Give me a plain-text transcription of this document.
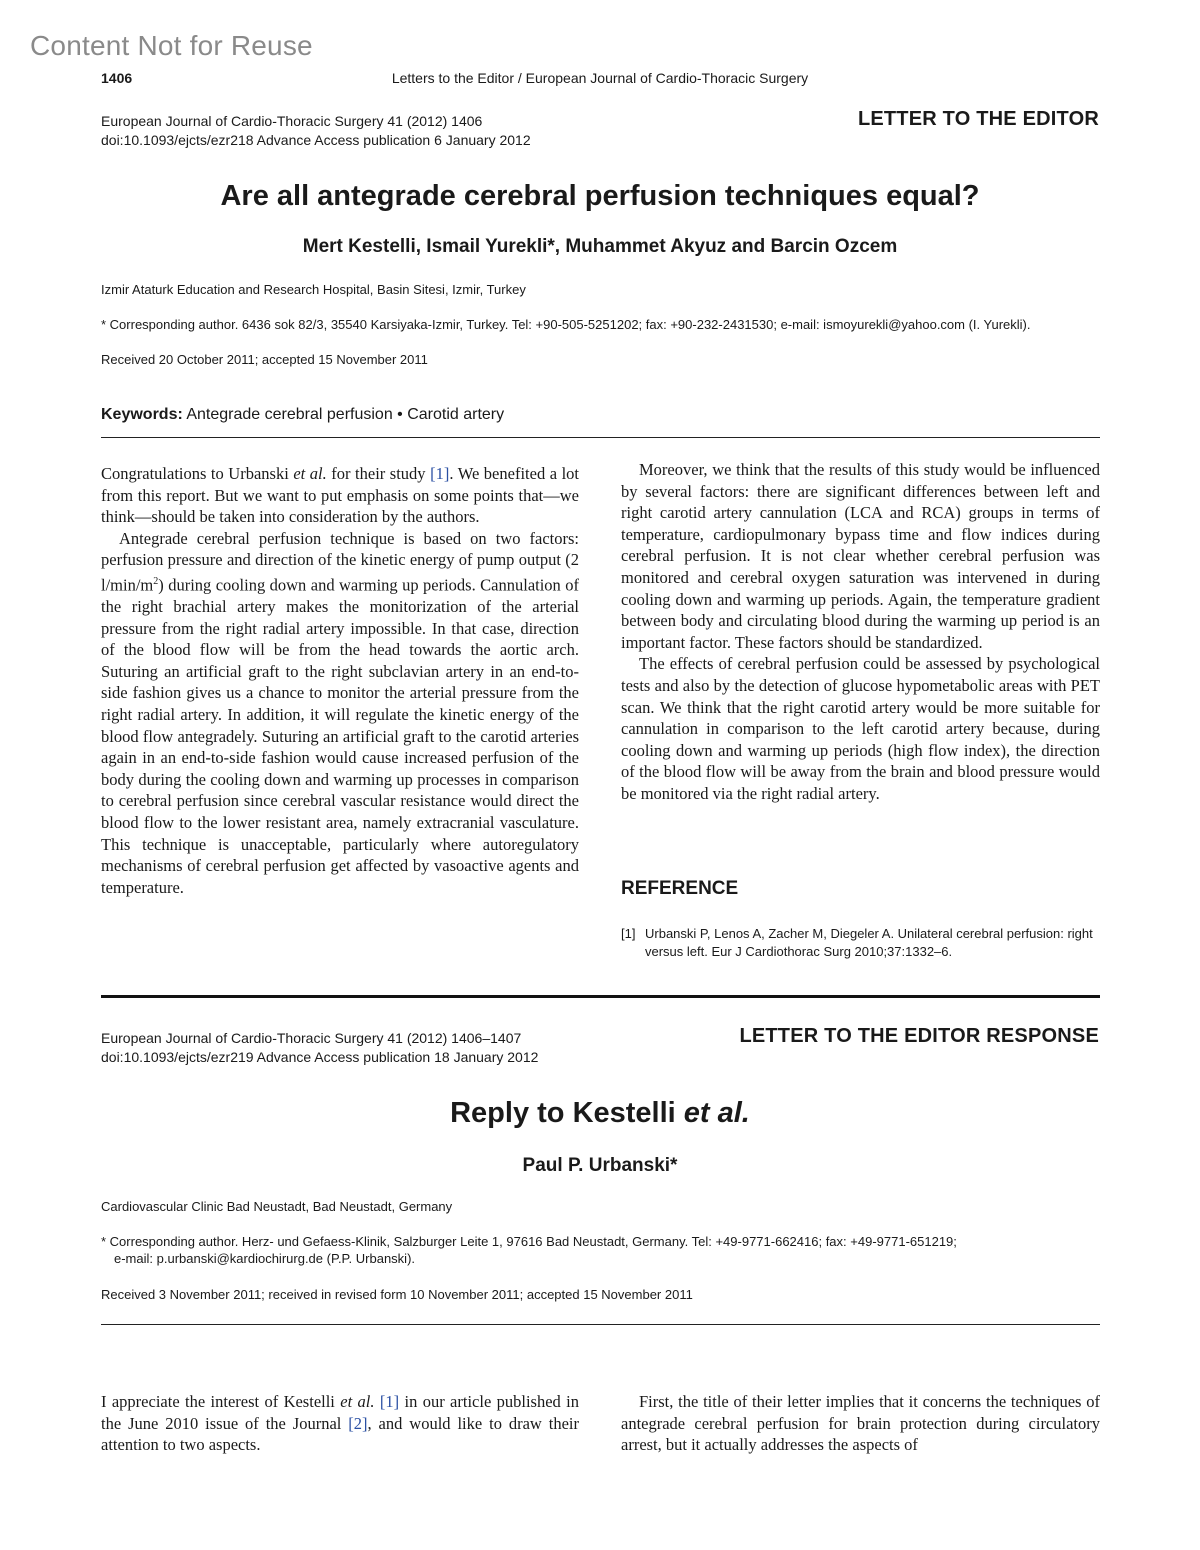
Content Not for Reuse
1406	Letters to the Editor / European Journal of Cardio-Thoracic Surgery
European Journal of Cardio-Thoracic Surgery 41 (2012) 1406
doi:10.1093/ejcts/ezr218 Advance Access publication 6 January 2012
LETTER TO THE EDITOR
Are all antegrade cerebral perfusion techniques equal?
Mert Kestelli, Ismail Yurekli*, Muhammet Akyuz and Barcin Ozcem
Izmir Ataturk Education and Research Hospital, Basin Sitesi, Izmir, Turkey
* Corresponding author. 6436 sok 82/3, 35540 Karsiyaka-Izmir, Turkey. Tel: +90-505-5251202; fax: +90-232-2431530; e-mail: ismoyurekli@yahoo.com (I. Yurekli).
Received 20 October 2011; accepted 15 November 2011
Keywords: Antegrade cerebral perfusion • Carotid artery

Congratulations to Urbanski et al. for their study [1]. We benefited a lot from this report. But we want to put emphasis on some points that—we think—should be taken into consideration by the authors.

Antegrade cerebral perfusion technique is based on two factors: perfusion pressure and direction of the kinetic energy of pump output (2 $l/\min/m^2$) during cooling down and warming up periods. Cannulation of the right brachial artery makes the monitorization of the arterial pressure from the right radial artery impossible. In that case, direction of the blood flow will be from the head towards the aortic arch. Suturing an artificial graft to the right subclavian artery in an end-to-side fashion gives us a chance to monitor the arterial pressure from the right radial artery. In addition, it will regulate the kinetic energy of the blood flow antegradely. Suturing an artificial graft to the carotid arteries again in an end-to-side fashion would cause increased perfusion of the body during the cooling down and warming up processes in comparison to cerebral perfusion since cerebral vascular resistance would direct the blood flow to the lower resistant area, namely extracranial vasculature. This technique is unacceptable, particularly where autoregulatory mechanisms of cerebral perfusion get affected by vasoactive agents and temperature.

Moreover, we think that the results of this study would be influenced by several factors: there are significant differences between left and right carotid artery cannulation (LCA and RCA) groups in terms of temperature, cardiopulmonary bypass time and flow indices during cerebral perfusion. It is not clear whether cerebral perfusion was monitored and cerebral oxygen saturation was intervened in during cooling down and warming up periods. Again, the temperature gradient between body and circulating blood during the warming up period is an important factor. These factors should be standardized.

The effects of cerebral perfusion could be assessed by psychological tests and also by the detection of glucose hypometabolic areas with PET scan. We think that the right carotid artery would be more suitable for cannulation in comparison to the left carotid artery because, during cooling down and warming up periods (high flow index), the direction of the blood flow will be away from the brain and blood pressure would be monitored via the right radial artery.

REFERENCE
[1] Urbanski P, Lenos A, Zacher M, Diegeler A. Unilateral cerebral perfusion: right versus left. Eur J Cardiothorac Surg 2010;37:1332–6.
European Journal of Cardio-Thoracic Surgery 41 (2012) 1406–1407
doi:10.1093/ejcts/ezr219 Advance Access publication 18 January 2012
LETTER TO THE EDITOR RESPONSE
Reply to Kestelli et al.
Paul P. Urbanski*
Cardiovascular Clinic Bad Neustadt, Bad Neustadt, Germany
* Corresponding author. Herz- und Gefaess-Klinik, Salzburger Leite 1, 97616 Bad Neustadt, Germany. Tel: +49-9771-662416; fax: +49-9771-651219;
e-mail: p.urbanski@kardiochirurg.de (P.P. Urbanski).
Received 3 November 2011; received in revised form 10 November 2011; accepted 15 November 2011

I appreciate the interest of Kestelli et al. [1] in our article published in the June 2010 issue of the Journal [2], and would like to draw their attention to two aspects.

First, the title of their letter implies that it concerns the techniques of antegrade cerebral perfusion for brain protection during circulatory arrest, but it actually addresses the aspects of
